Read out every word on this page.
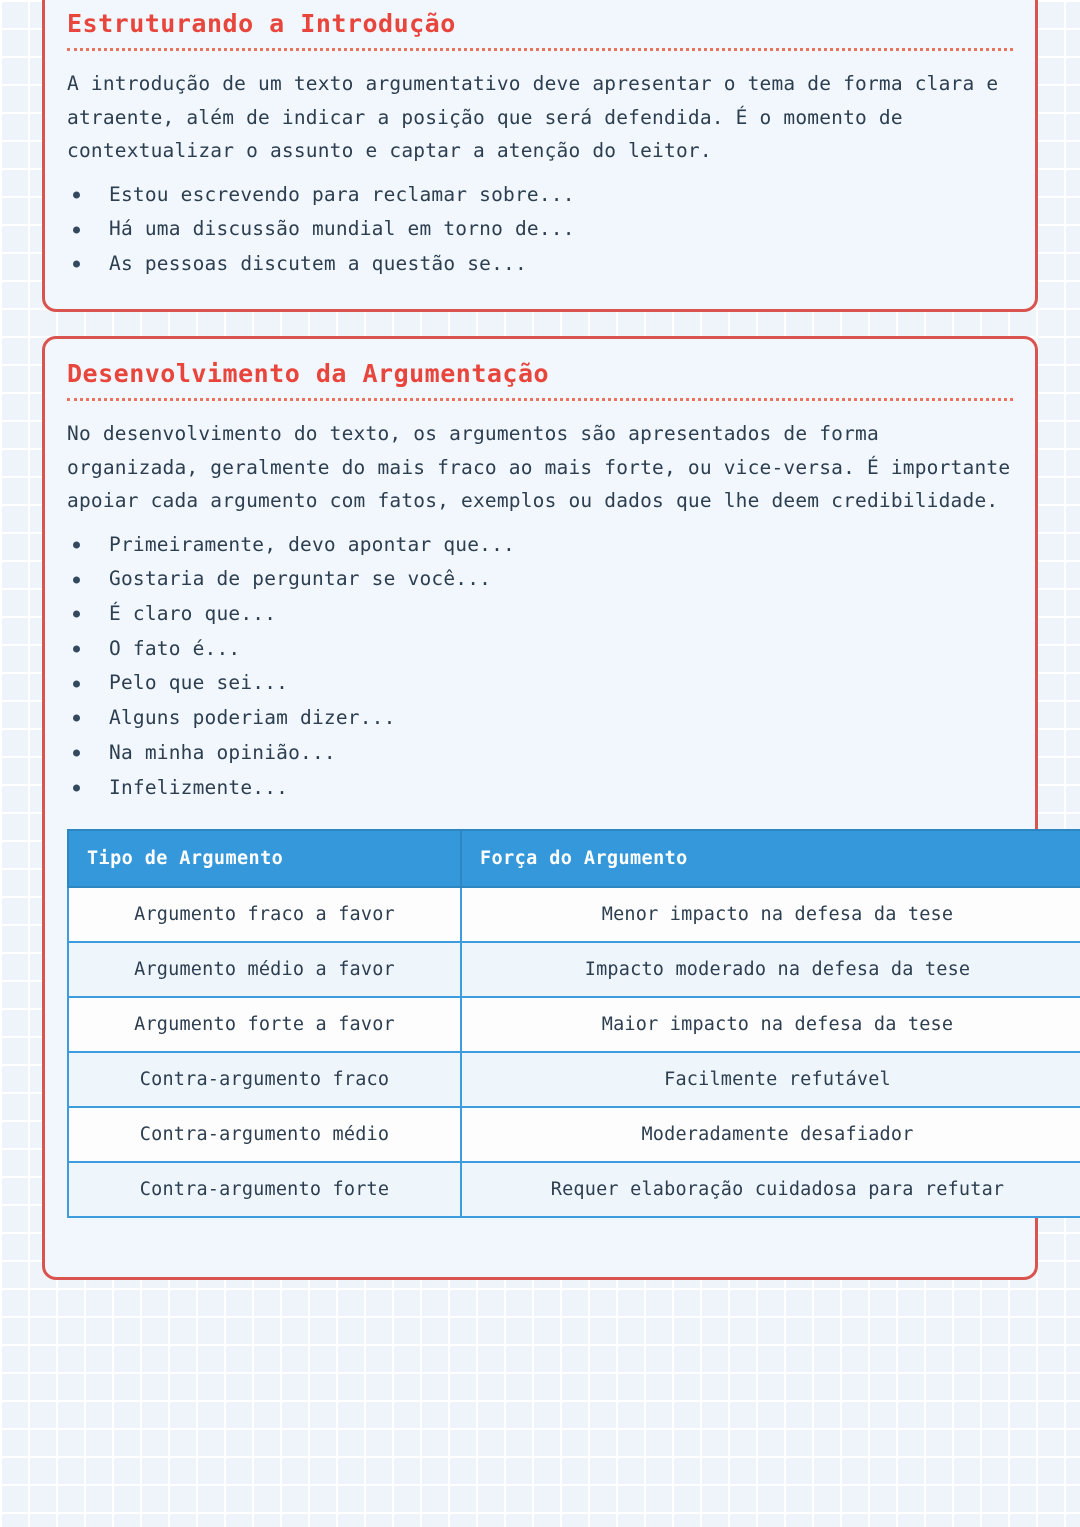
Estruturando a Introdução

A introdução de um texto argumentativo deve apresentar o tema de forma clara e atraente, além de indicar a posição que será defendida. É o momento de contextualizar o assunto e captar a atenção do leitor.

Estou escrevendo para reclamar sobre...
Há uma discussão mundial em torno de...
As pessoas discutem a questão se...
Desenvolvimento da Argumentação

No desenvolvimento do texto, os argumentos são apresentados de forma organizada, geralmente do mais fraco ao mais forte, ou vice-versa. É importante apoiar cada argumento com fatos, exemplos ou dados que lhe deem credibilidade.

Primeiramente, devo apontar que...
Gostaria de perguntar se você...
É claro que...
O fato é...
Pelo que sei...
Alguns poderiam dizer...
Na minha opinião...
Infelizmente...
Tipo de Argumento	Força do Argumento
Argumento fraco a favor	Menor impacto na defesa da tese
Argumento médio a favor	Impacto moderado na defesa da tese
Argumento forte a favor	Maior impacto na defesa da tese
Contra-argumento fraco	Facilmente refutável
Contra-argumento médio	Moderadamente desafiador
Contra-argumento forte	Requer elaboração cuidadosa para refutar
